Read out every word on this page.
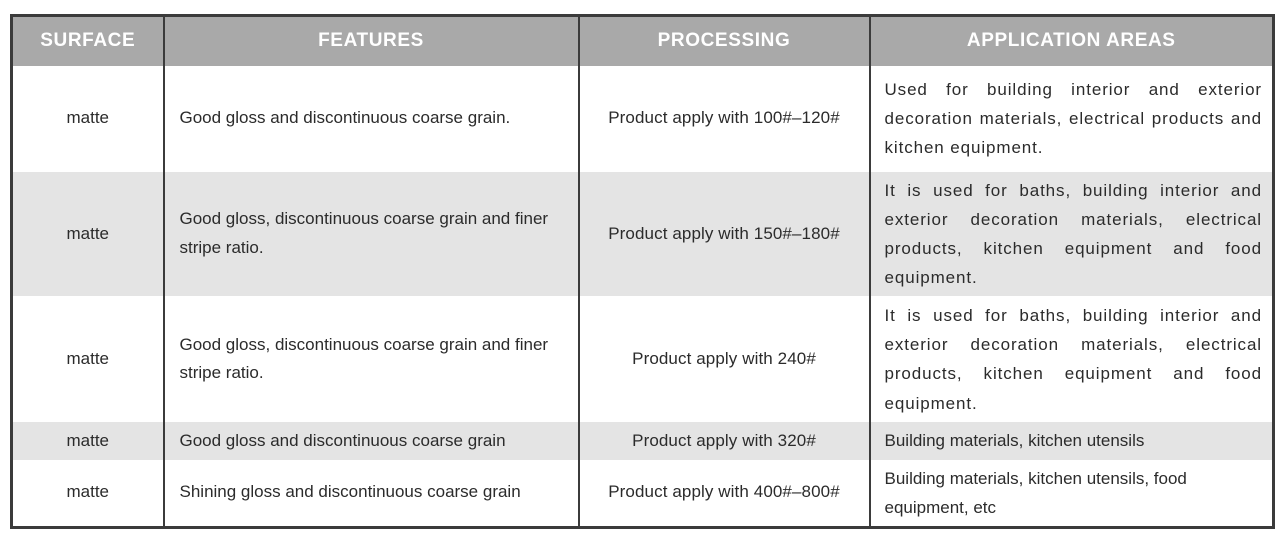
SURFACE	FEATURES	PROCESSING	APPLICATION AREAS
matte	Good gloss and discontinuous coarse grain.	Product apply with 100#–120#	Used for building interior and exterior decoration materials, electrical products and kitchen equipment.
matte	Good gloss, discontinuous coarse grain and finer stripe ratio.	Product apply with 150#–180#	It is used for baths, building interior and exterior decoration materials, electrical products, kitchen equipment and food equipment.
matte	Good gloss, discontinuous coarse grain and finer stripe ratio.	Product apply with 240#	It is used for baths, building interior and exterior decoration materials, electrical products, kitchen equipment and food equipment.
matte	Good gloss and discontinuous coarse grain	Product apply with 320#	Building materials, kitchen utensils
matte	Shining gloss and discontinuous coarse grain	Product apply with 400#–800#	Building materials, kitchen utensils, food equipment, etc
